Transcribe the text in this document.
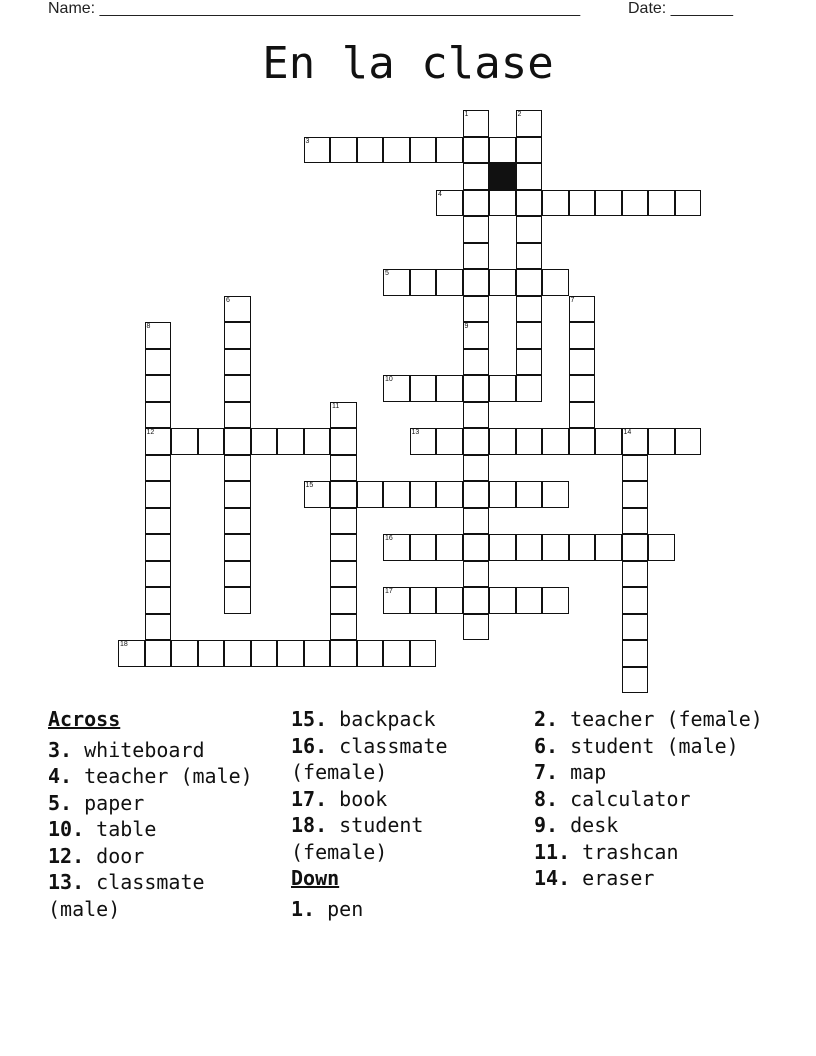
Name: ______________________________________________________	Date: _______
En la clase
1
9
2
3
4
5
6	7
8
12
10
11
13	14
15
16
17
18
Across
3. whiteboard
4. teacher (male)
5. paper
10. table
12. door
13. classmate (male)
15. backpack
16. classmate (female)
17. book
18. student (female)
Down
1. pen
2. teacher (female)
6. student (male)
7. map
8. calculator
9. desk
11. trashcan
14. eraser
